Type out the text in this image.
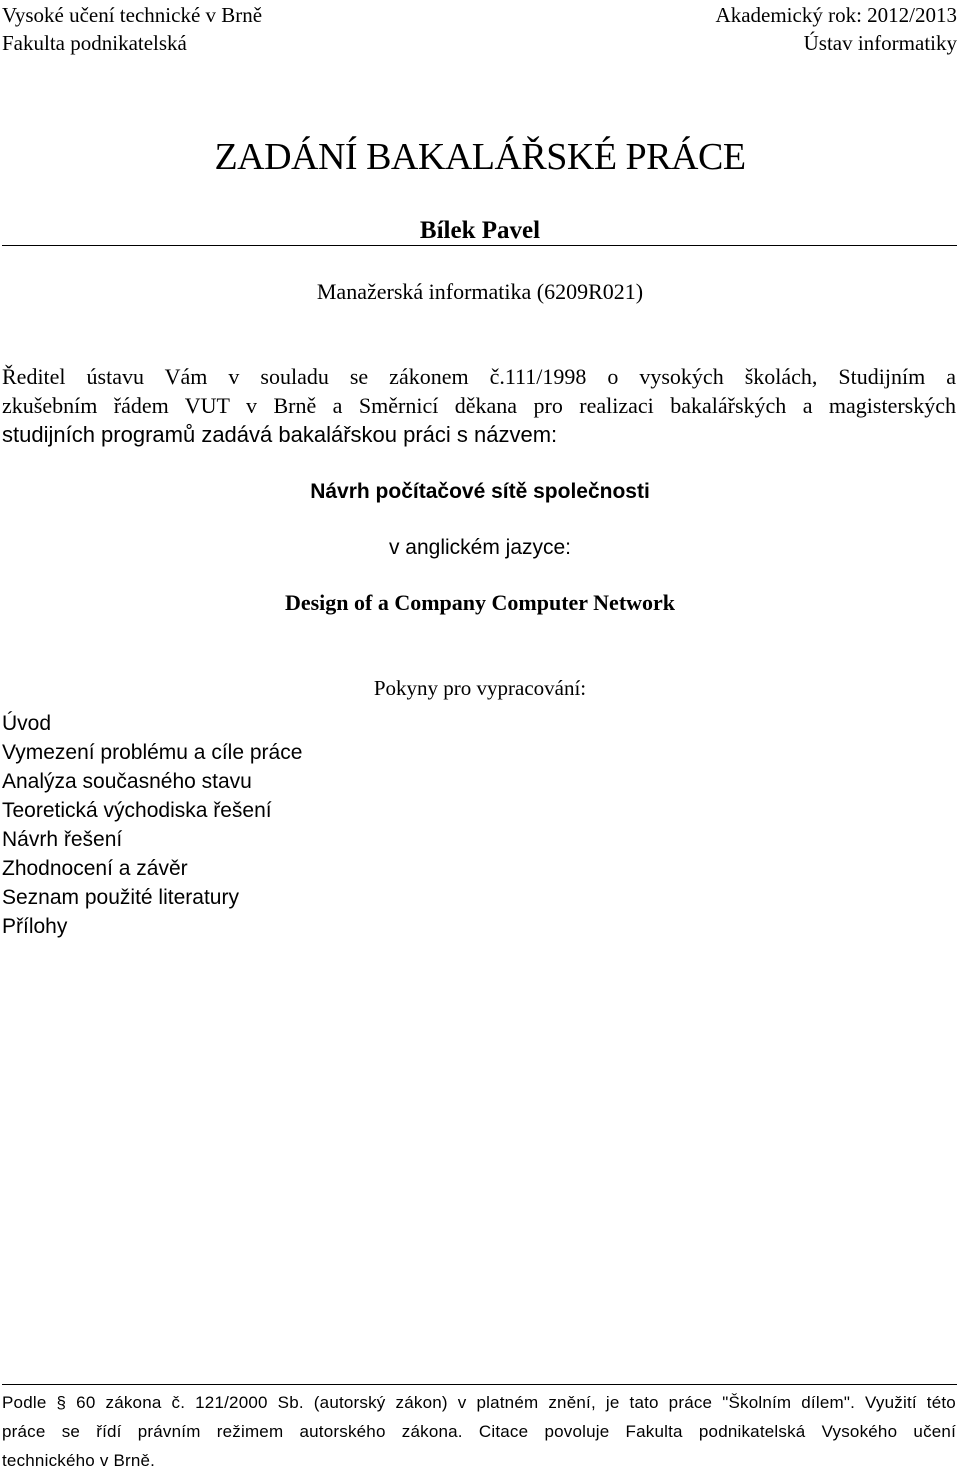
Vysoké učení technické v Brně
Fakulta podnikatelská
Akademický rok: 2012/2013
Ústav informatiky
ZADÁNÍ BAKALÁŘSKÉ PRÁCE
Bílek Pavel
Manažerská informatika (6209R021)

Ředitel ústavu Vám v souladu se zákonem č.111/1998 o vysokých školách, Studijním a
zkušebním řádem VUT v Brně a Směrnicí děkana pro realizaci bakalářských a magisterských
studijních programů zadává bakalářskou práci s názvem:

Návrh počítačové sítě společnosti
v anglickém jazyce:
Design of a Company Computer Network
Pokyny pro vypracování:
Úvod
Vymezení problému a cíle práce
Analýza současného stavu
Teoretická východiska řešení
Návrh řešení
Zhodnocení a závěr
Seznam použité literatury
Přílohy

Podle § 60 zákona č. 121/2000 Sb. (autorský zákon) v platném znění, je tato práce "Školním dílem". Využití této
práce se řídí právním režimem autorského zákona. Citace povoluje Fakulta podnikatelská Vysokého učení
technického v Brně.
